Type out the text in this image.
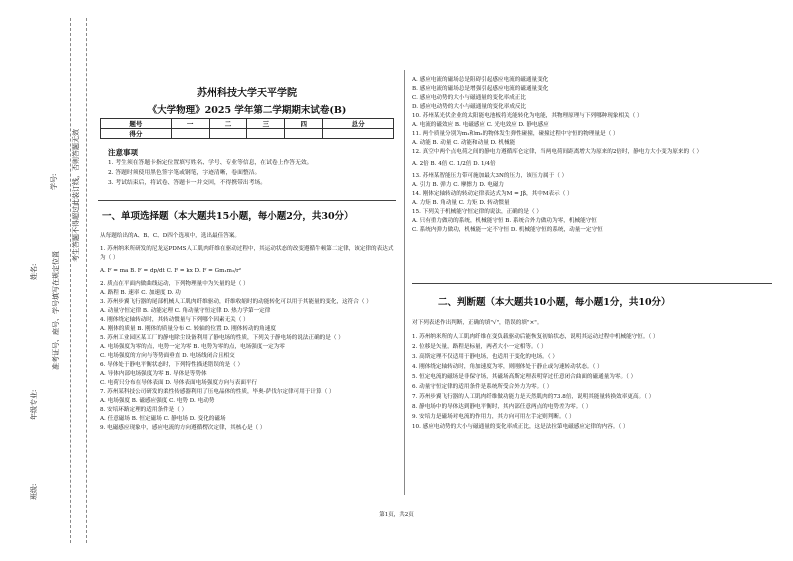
学号: 考生答题不得超过此装订线，否则答题无效
姓名: 准考证号、座号、学号填写在规定位置
年级专业:
班级:
苏州科技大学天平学院
《大学物理》2025 学年第二学期期末试卷(B)
题号	一	二	三	四	总分
得分					
注意事项
1. 考生须在答题卡指定位置填写姓名、学号、专业等信息，在试卷上作答无效。
2. 答题时须使用黑色签字笔或钢笔，字迹清晰，卷面整洁。
3. 考试结束后，将试卷、答题卡一并交回，不得携带出考场。
一、单项选择题（本大题共15小题，每小题2分，共30分）

从每题给出的A、B、C、D四个选项中，选出最佳答案。

1. 苏州纳米所研发的尼龙运PDMS人工肌肉纤维在驱动过程中，其运动状态的改变遵循牛顿第二定律，该定律的表达式为（ ）

A. F = ma B. F = dp/dt C. F = kx D. F = Gm₁m₂/r²

2. 质点在平面内做曲线运动，下列物理量中为矢量的是（ ）

A. 路程 B. 速率 C. 加速度 D. 功

3. 苏州步翼飞行器的尾部机械人工肌肉纤维驱动，纤维收缩时的动能转化可以用于其能量的变化，这符合（ ）

A. 动量守恒定律 B. 动能定理 C. 角动量守恒定律 D. 热力学第一定律

4. 刚体绕定轴转动时，其转动惯量与下列哪个因素无关（ ）

A. 刚体的质量 B. 刚体的质量分布 C. 转轴的位置 D. 刚体转动的角速度

5. 苏州工业园区某工厂的静电除尘设备利用了静电场的性质，下列关于静电场的说法正确的是（ ）

A. 电场强度为零的点，电势一定为零 B. 电势为零的点，电场强度一定为零

C. 电场强度的方向与等势面垂直 D. 电场线闭合且相交

6. 导体处于静电平衡状态时，下列特性描述错误的是（ ）

A. 导体内部电场强度为零 B. 导体是等势体

C. 电荷只分布在导体表面 D. 导体表面电场强度方向与表面平行

7. 苏州某科技公司研发的柔性传感器利用了压电晶体的性质，毕奥-萨伐尔定律可用于计算（ ）

A. 电场强度 B. 磁感应强度 C. 电势 D. 电动势

8. 安培环路定理的适用条件是（ ）

A. 任意磁场 B. 恒定磁场 C. 静电场 D. 变化的磁场

9. 电磁感应现象中，感应电流的方向遵循楞次定律，其核心是（ ）

A. 感应电流的磁场总是阻碍引起感应电流的磁通量变化

B. 感应电流的磁场总是增强引起感应电流的磁通量变化

C. 感应电动势的大小与磁通量的变化率成正比

D. 感应电动势的大小与磁通量的变化率成反比

10. 苏州某光伏企业的太阳能电池板将光能转化为电能，其物理原理与下列哪种现象相关（ ）

A. 电流的磁效应 B. 电磁感应 C. 光电效应 D. 静电感应

11. 两个质量分别为m₁和m₂的物体发生弹性碰撞，碰撞过程中守恒的物理量是（ ）

A. 动能 B. 动量 C. 动能和动量 D. 机械能

12. 真空中两个点电荷之间的静电力遵循库仑定律，当两电荷间距离增大为原来的2倍时，静电力大小变为原来的（ ）

A. 2倍 B. 4倍 C. 1/2倍 D. 1/4倍

13. 苏州某智能压力带可施加最大3N的压力，该压力属于（ ）

A. 引力 B. 弹力 C. 摩擦力 D. 电磁力

14. 刚体定轴转动的转动定律表达式为M = Jβ，其中M表示（ ）

A. 力矩 B. 角动量 C. 力矩 D. 转动惯量

15. 下列关于机械能守恒定律的说法，正确的是（ ）

A. 只有重力做功的系统，机械能守恒 B. 系统合外力做功为零，机械能守恒

C. 系统内弹力做功，机械能一定不守恒 D. 机械能守恒的系统，动量一定守恒

二、判断题（本大题共10小题，每小题1分，共10分）

对下列表述作出判断，正确的填"√"，错误的填"×"。

1. 苏州纳米所的人工肌肉纤维在变负载驱动后能恢复初始状态，说明其运动过程中机械能守恒。（ ）

2. 位移是矢量，路程是标量，两者大小一定相等。（ ）

3. 高斯定理不仅适用于静电场，也适用于变化的电场。（ ）

4. 刚体绕定轴转动时，角加速度为零，则刚体处于静止或匀速转动状态。（ ）

5. 恒定电流的磁场是非保守场，其磁场高斯定理表明穿过任意闭合曲面的磁通量为零。（ ）

6. 动量守恒定律的适用条件是系统所受合外力为零。（ ）

7. 苏州步翼飞行器的人工肌肉纤维做功能力是天然肌肉的73.8倍，说明其能量转换效率更高。（ ）

8. 静电场中的导体达到静电平衡时，其内部任意两点的电势差为零。（ ）

9. 安培力是磁场对电流的作用力，其方向可用左手定则判断。（ ）

10. 感应电动势的大小与磁通量的变化率成正比，这是法拉第电磁感应定律的内容。（ ）

第1页，共2页
